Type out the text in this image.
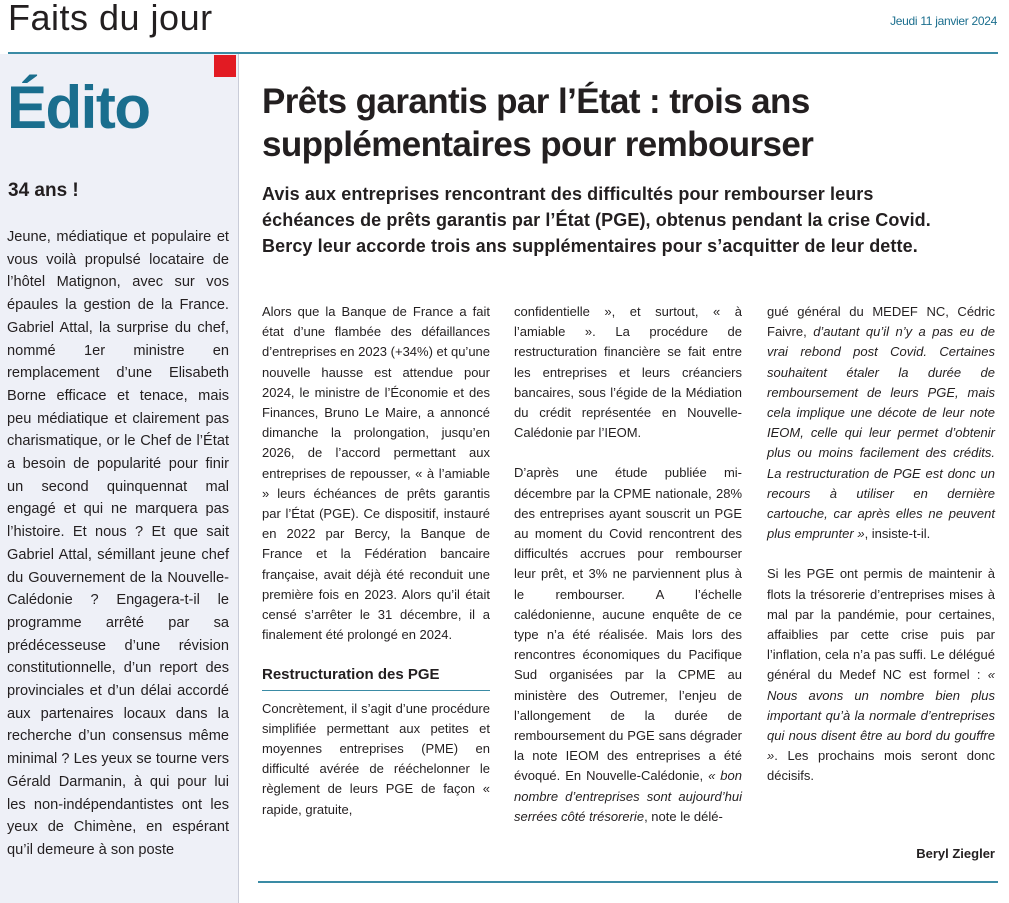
Faits du jour	Jeudi 11 janvier 2024
Édito
34 ans !

Jeune, médiatique et populaire et vous voilà propulsé locataire de l’hôtel Matignon, avec sur vos épaules la gestion de la France. Gabriel Attal, la surprise du chef, nommé 1er ministre en remplacement d’une Elisabeth Borne efficace et tenace, mais peu médiatique et clairement pas charismatique, or le Chef de l’État a besoin de popularité pour finir un second quinquennat mal engagé et qui ne marquera pas l’histoire. Et nous ? Et que sait Gabriel Attal, sémillant jeune chef du Gouvernement de la Nouvelle-Calédonie ? Engagera-t-il le programme arrêté par sa prédécesseuse d’une révision constitutionnelle, d’un report des provinciales et d’un délai accordé aux partenaires locaux dans la recherche d’un consensus même minimal ? Les yeux se tourne vers Gérald Darmanin, à qui pour lui les non-indépendantistes ont les yeux de Chimène, en espérant qu’il demeure à son poste

Prêts garantis par l’État : trois ans supplémentaires pour rembourser

Avis aux entreprises rencontrant des difficultés pour rembourser leurs échéances de prêts garantis par l’État (PGE), obtenus pendant la crise Covid. Bercy leur accorde trois ans supplémentaires pour s’acquitter de leur dette.

Alors que la Banque de France a fait état d’une flambée des défaillances d’entreprises en 2023 (+34%) et qu’une nouvelle hausse est attendue pour 2024, le ministre de l’Économie et des Finances, Bruno Le Maire, a annoncé dimanche la prolongation, jusqu’en 2026, de l’accord permettant aux entreprises de repousser, « à l’amiable » leurs échéances de prêts garantis par l’État (PGE). Ce dispositif, instauré en 2022 par Bercy, la Banque de France et la Fédération bancaire française, avait déjà été reconduit une première fois en 2023. Alors qu’il était censé s’arrêter le 31 décembre, il a finalement été prolongé en 2024.

Restructuration des PGE

Concrètement, il s’agit d’une procédure simplifiée permettant aux petites et moyennes entreprises (PME) en difficulté avérée de rééchelonner le règlement de leurs PGE de façon « rapide, gratuite,

confidentielle », et surtout, « à l’amiable ». La procédure de restructuration financière se fait entre les entreprises et leurs créanciers bancaires, sous l’égide de la Médiation du crédit représentée en Nouvelle-Calédonie par l’IEOM.

D’après une étude publiée mi-décembre par la CPME nationale, 28% des entreprises ayant souscrit un PGE au moment du Covid rencontrent des difficultés accrues pour rembourser leur prêt, et 3% ne parviennent plus à le rembourser. A l’échelle calédonienne, aucune enquête de ce type n’a été réalisée. Mais lors des rencontres économiques du Pacifique Sud organisées par la CPME au ministère des Outremer, l’enjeu de l’allongement de la durée de remboursement du PGE sans dégrader la note IEOM des entreprises a été évoqué. En Nouvelle-Calédonie, « bon nombre d’entreprises sont aujourd’hui serrées côté trésorerie, note le délé-

gué général du MEDEF NC, Cédric Faivre, d’autant qu’il n’y a pas eu de vrai rebond post Covid. Certaines souhaitent étaler la durée de remboursement de leurs PGE, mais cela implique une décote de leur note IEOM, celle qui leur permet d’obtenir plus ou moins facilement des crédits. La restructuration de PGE est donc un recours à utiliser en dernière cartouche, car après elles ne peuvent plus emprunter », insiste-t-il.

Si les PGE ont permis de maintenir à flots la trésorerie d’entreprises mises à mal par la pandémie, pour certaines, affaiblies par cette crise puis par l’inflation, cela n’a pas suffi. Le délégué général du Medef NC est formel : « Nous avons un nombre bien plus important qu’à la normale d’entreprises qui nous disent être au bord du gouffre ». Les prochains mois seront donc décisifs.

Beryl Ziegler
